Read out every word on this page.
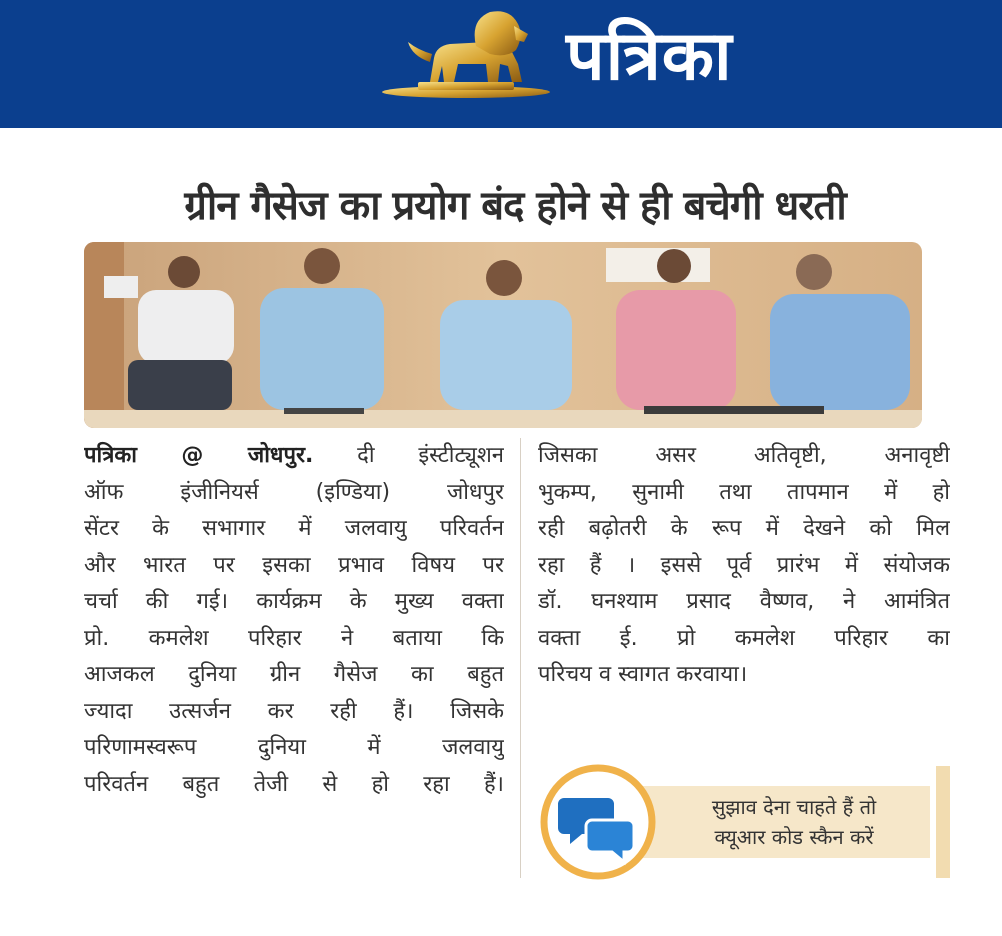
पत्रिका
ग्रीन गैसेज का प्रयोग बंद होने से ही बचेगी धरती
पत्रिका @ जोधपुर. दी इंस्टीट्यूशन
ऑफ इंजीनियर्स (इण्डिया) जोधपुर
सेंटर के सभागार में जलवायु परिवर्तन
और भारत पर इसका प्रभाव विषय पर
चर्चा की गई। कार्यक्रम के मुख्य वक्ता
प्रो. कमलेश परिहार ने बताया कि
आजकल दुनिया ग्रीन गैसेज का बहुत
ज्यादा उत्सर्जन कर रही हैं। जिसके
परिणामस्वरूप दुनिया में जलवायु
परिवर्तन बहुत तेजी से हो रहा हैं।
जिसका असर अतिवृष्टी, अनावृष्टी
भुकम्प, सुनामी तथा तापमान में हो
रही बढ़ोतरी के रूप में देखने को मिल
रहा हैं । इससे पूर्व प्रारंभ में संयोजक
डॉ. घनश्याम प्रसाद वैष्णव, ने आमंत्रित
वक्ता ई. प्रो कमलेश परिहार का
परिचय व स्वागत करवाया।
सुझाव देना चाहते हैं तो
क्यूआर कोड स्कैन करें
